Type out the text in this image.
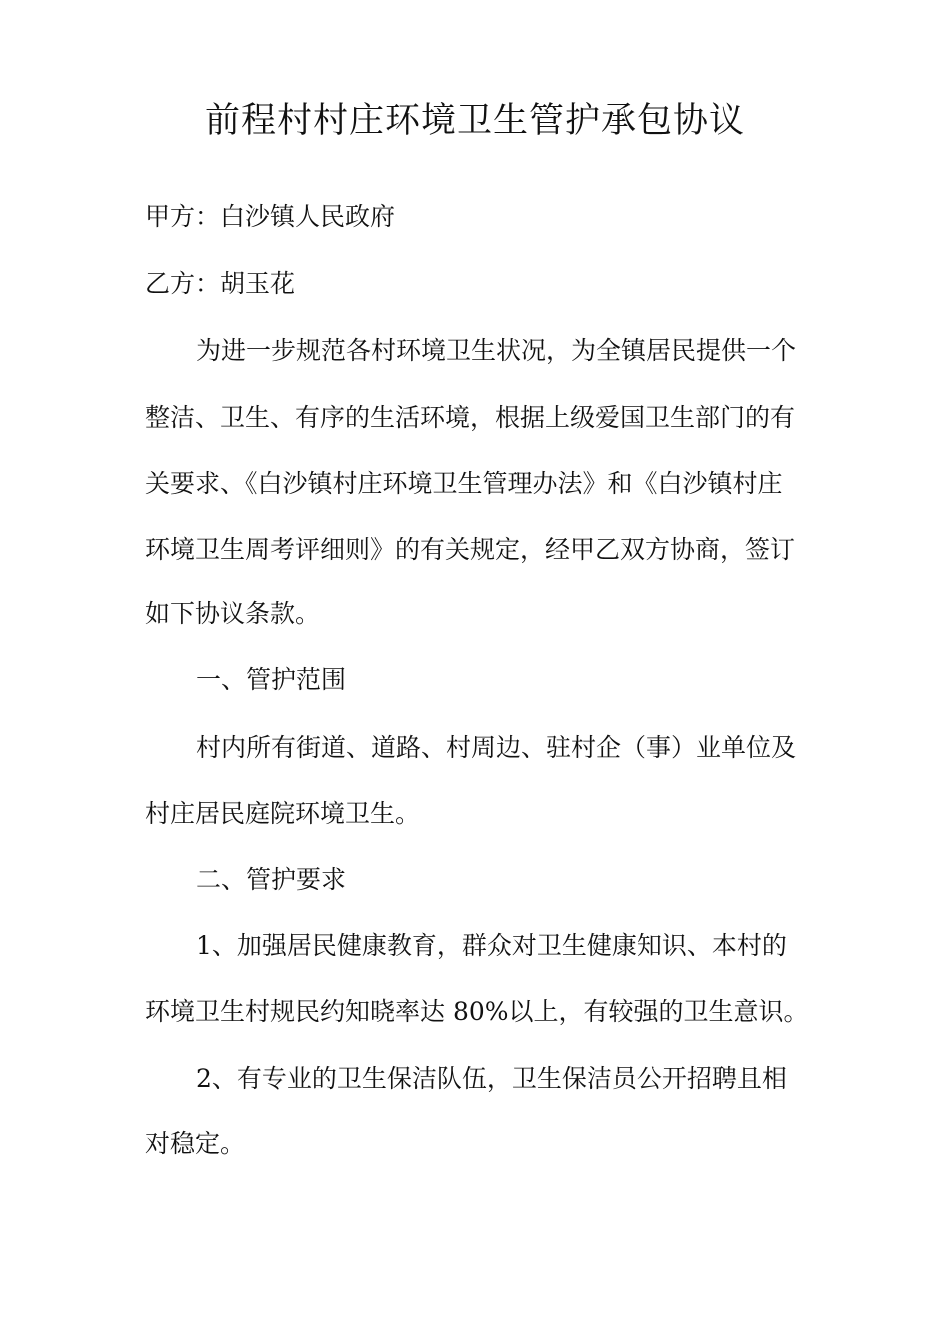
前程村村庄环境卫生管护承包协议
甲方：白沙镇人民政府
乙方：胡玉花
为进一步规范各村环境卫生状况，为全镇居民提供一个
整洁、卫生、有序的生活环境，根据上级爱国卫生部门的有
关要求、《白沙镇村庄环境卫生管理办法》和《白沙镇村庄
环境卫生周考评细则》的有关规定，经甲乙双方协商，签订
如下协议条款。
一、管护范围
村内所有街道、道路、村周边、驻村企（事）业单位及
村庄居民庭院环境卫生。
二、管护要求
1、加强居民健康教育，群众对卫生健康知识、本村的
环境卫生村规民约知晓率达 80%以上，有较强的卫生意识。
2、有专业的卫生保洁队伍，卫生保洁员公开招聘且相
对稳定。
